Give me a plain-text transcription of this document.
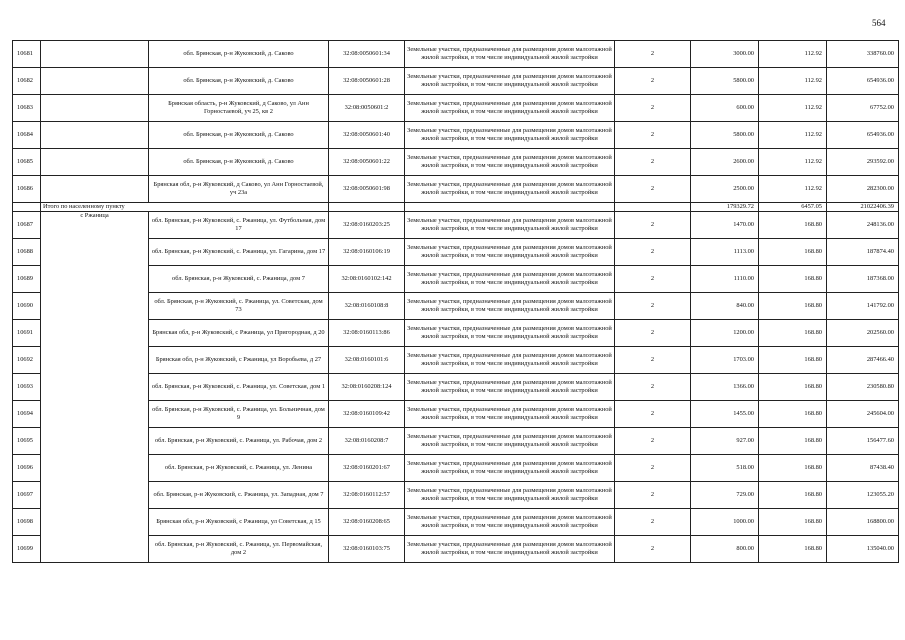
564
10681		обл. Брянская, р-н Жуковский, д. Саково	32:08:0050601:34	Земельные участки, предназначенные для размещения домов малоэтажной жилой застройки, в том числе индивидуальной жилой застройки	2	3000.00	112.92	338760.00
10682		обл. Брянская, р-н Жуковский, д. Саково	32:08:0050601:28	Земельные участки, предназначенные для размещения домов малоэтажной жилой застройки, в том числе индивидуальной жилой застройки	2	5800.00	112.92	654936.00
10683		Брянская область, р-н Жуковский, д Саково, ул Анн Горностаевой, уч 25, кв 2	32:08:0050601:2	Земельные участки, предназначенные для размещения домов малоэтажной жилой застройки, в том числе индивидуальной жилой застройки	2	600.00	112.92	67752.00
10684		обл. Брянская, р-н Жуковский, д. Саково	32:08:0050601:40	Земельные участки, предназначенные для размещения домов малоэтажной жилой застройки, в том числе индивидуальной жилой застройки	2	5800.00	112.92	654936.00
10685		обл. Брянская, р-н Жуковский, д. Саково	32:08:0050601:22	Земельные участки, предназначенные для размещения домов малоэтажной жилой застройки, в том числе индивидуальной жилой застройки	2	2600.00	112.92	293592.00
10686		Брянская обл, р-н Жуковский, д Саково, ул Анн Горностаевой, уч 23а	32:08:0050601:98	Земельные участки, предназначенные для размещения домов малоэтажной жилой застройки, в том числе индивидуальной жилой застройки	2	2500.00	112.92	282300.00
	Итого по населенному пункту					179329.72	6457.05	21022406.39
10687	с Ржаница	обл. Брянская, р-н Жуковский, с. Ржаница, ул. Футбольная, дом 17	32:08:0160203:25	Земельные участки, предназначенные для размещения домов малоэтажной жилой застройки, в том числе индивидуальной жилой застройки	2	1470.00	168.80	248136.00
10688		обл. Брянская, р-н Жуковский, с. Ржаница, ул. Гагарина, дом 17	32:08:0160106:19	Земельные участки, предназначенные для размещения домов малоэтажной жилой застройки, в том числе индивидуальной жилой застройки	2	1113.00	168.80	187874.40
10689		обл. Брянская, р-н Жуковский, с. Ржаница, дом 7	32:08:0160102:142	Земельные участки, предназначенные для размещения домов малоэтажной жилой застройки, в том числе индивидуальной жилой застройки	2	1110.00	168.80	187368.00
10690		обл. Брянская, р-н Жуковский, с. Ржаница, ул. Советская, дом 73	32:08:0160108:8	Земельные участки, предназначенные для размещения домов малоэтажной жилой застройки, в том числе индивидуальной жилой застройки	2	840.00	168.80	141792.00
10691		Брянская обл, р-н Жуковский, с Ржаница, ул Пригородная, д 20	32:08:0160113:86	Земельные участки, предназначенные для размещения домов малоэтажной жилой застройки, в том числе индивидуальной жилой застройки	2	1200.00	168.80	202560.00
10692		Брянская обл, р-н Жуковский, с Ржаница, ул Воробьева, д 27	32:08:0160101:6	Земельные участки, предназначенные для размещения домов малоэтажной жилой застройки, в том числе индивидуальной жилой застройки	2	1703.00	168.80	287466.40
10693		обл. Брянская, р-н Жуковский, с. Ржаница, ул. Советская, дом 1	32:08:0160208:124	Земельные участки, предназначенные для размещения домов малоэтажной жилой застройки, в том числе индивидуальной жилой застройки	2	1366.00	168.80	230580.80
10694		обл. Брянская, р-н Жуковский, с. Ржаница, ул. Больничная, дом 9	32:08:0160109:42	Земельные участки, предназначенные для размещения домов малоэтажной жилой застройки, в том числе индивидуальной жилой застройки	2	1455.00	168.80	245604.00
10695		обл. Брянская, р-н Жуковский, с. Ржаница, ул. Рабочая, дом 2	32:08:0160208:7	Земельные участки, предназначенные для размещения домов малоэтажной жилой застройки, в том числе индивидуальной жилой застройки	2	927.00	168.80	156477.60
10696		обл. Брянская, р-н Жуковский, с. Ржаница, ул. Ленина	32:08:0160201:67	Земельные участки, предназначенные для размещения домов малоэтажной жилой застройки, в том числе индивидуальной жилой застройки	2	518.00	168.80	87438.40
10697		обл. Брянская, р-н Жуковский, с. Ржаница, ул. Западная, дом 7	32:08:0160112:57	Земельные участки, предназначенные для размещения домов малоэтажной жилой застройки, в том числе индивидуальной жилой застройки	2	729.00	168.80	123055.20
10698		Брянская обл, р-н Жуковский, с Ржаница, ул Советская, д 15	32:08:0160208:65	Земельные участки, предназначенные для размещения домов малоэтажной жилой застройки, в том числе индивидуальной жилой застройки	2	1000.00	168.80	168800.00
10699		обл. Брянская, р-н Жуковский, с. Ржаница, ул. Первомайская, дом 2	32:08:0160103:75	Земельные участки, предназначенные для размещения домов малоэтажной жилой застройки, в том числе индивидуальной жилой застройки	2	800.00	168.80	135040.00
